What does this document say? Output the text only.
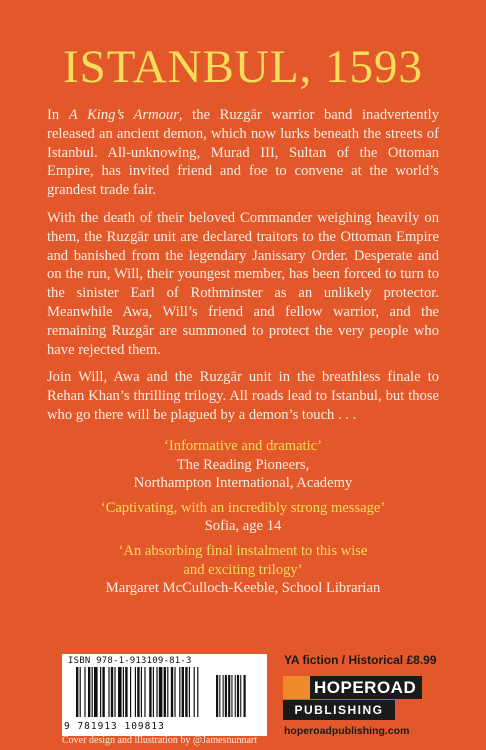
ISTANBUL, 1593

In A King’s Armour, the Ruzgār warrior band inadvertently released an ancient demon, which now lurks beneath the streets of Istanbul. All-unknowing, Murad III, Sultan of the Ottoman Empire, has invited friend and foe to convene at the world’s grandest trade fair.

With the death of their beloved Commander weighing heavily on them, the Ruzgār unit are declared traitors to the Ottoman Empire and banished from the legendary Janissary Order. Desperate and on the run, Will, their youngest member, has been forced to turn to the sinister Earl of Rothminster as an unlikely protector. Meanwhile Awa, Will’s friend and fellow warrior, and the remaining Ruzgār are summoned to protect the very people who have rejected them.

Join Will, Awa and the Ruzgār unit in the breathless finale to Rehan Khan’s thrilling trilogy. All roads lead to Istanbul, but those who go there will be plagued by a demon’s touch . . .

‘Informative and dramatic’
The Reading Pioneers,
Northampton International, Academy
‘Captivating, with an incredibly strong message’
Sofia, age 14
‘An absorbing final instalment to this wise
and exciting trilogy’
Margaret McCulloch-Keeble, School Librarian
ISBN 978-1-913109-81-3
9 781913 109813
YA fiction / Historical £8.99
HOPEROAD
PUBLISHING
hoperoadpublishing.com
Cover design and illustration by @Jamesnunnart
